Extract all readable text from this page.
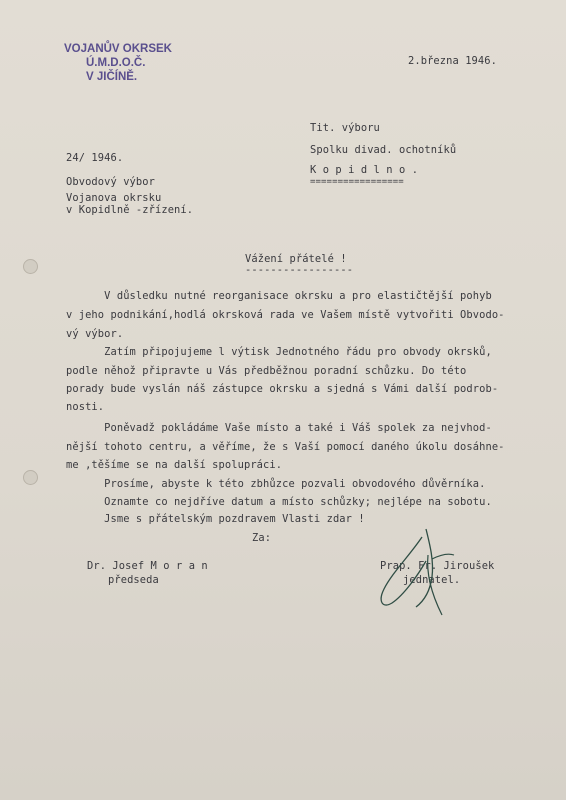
VOJANŮV OKRSEK
Ú.M.D.O.Č.
V JIČÍNĚ.
2.března 1946.
Tit. výboru
Spolku divad. ochotníků
K o p i d l n o .
=================
24/ 1946.
Obvodový výbor
Vojanova okrsku
v Kopidlně -zřízení.
Vážení přátelé !
-----------------
V důsledku nutné reorganisace okrsku a pro elastičtější pohyb
v jeho podnikání,hodlá okrsková rada ve Vašem místě vytvořiti Obvodo-
vý výbor.
Zatím připojujeme l výtisk Jednotného řádu pro obvody okrsků,
podle něhož připravte u Vás předběžnou poradní schůzku. Do této
porady bude vyslán náš zástupce okrsku a sjedná s Vámi další podrob-
nosti.
Poněvadž pokládáme Vaše místo a také i Váš spolek za nejvhod-
nější tohoto centru, a věříme, že s Vaší pomocí daného úkolu dosáhne-
me ,těšíme se na další spolupráci.
Prosíme, abyste k této zbhůzce pozvali obvodového důvěrníka.
Oznamte co nejdříve datum a místo schůzky; nejlépe na sobotu.
Jsme s přátelským pozdravem Vlasti zdar !
Za:
Dr. Josef M o r a n
předseda
Prap. Fr. Jiroušek
jednatel.
